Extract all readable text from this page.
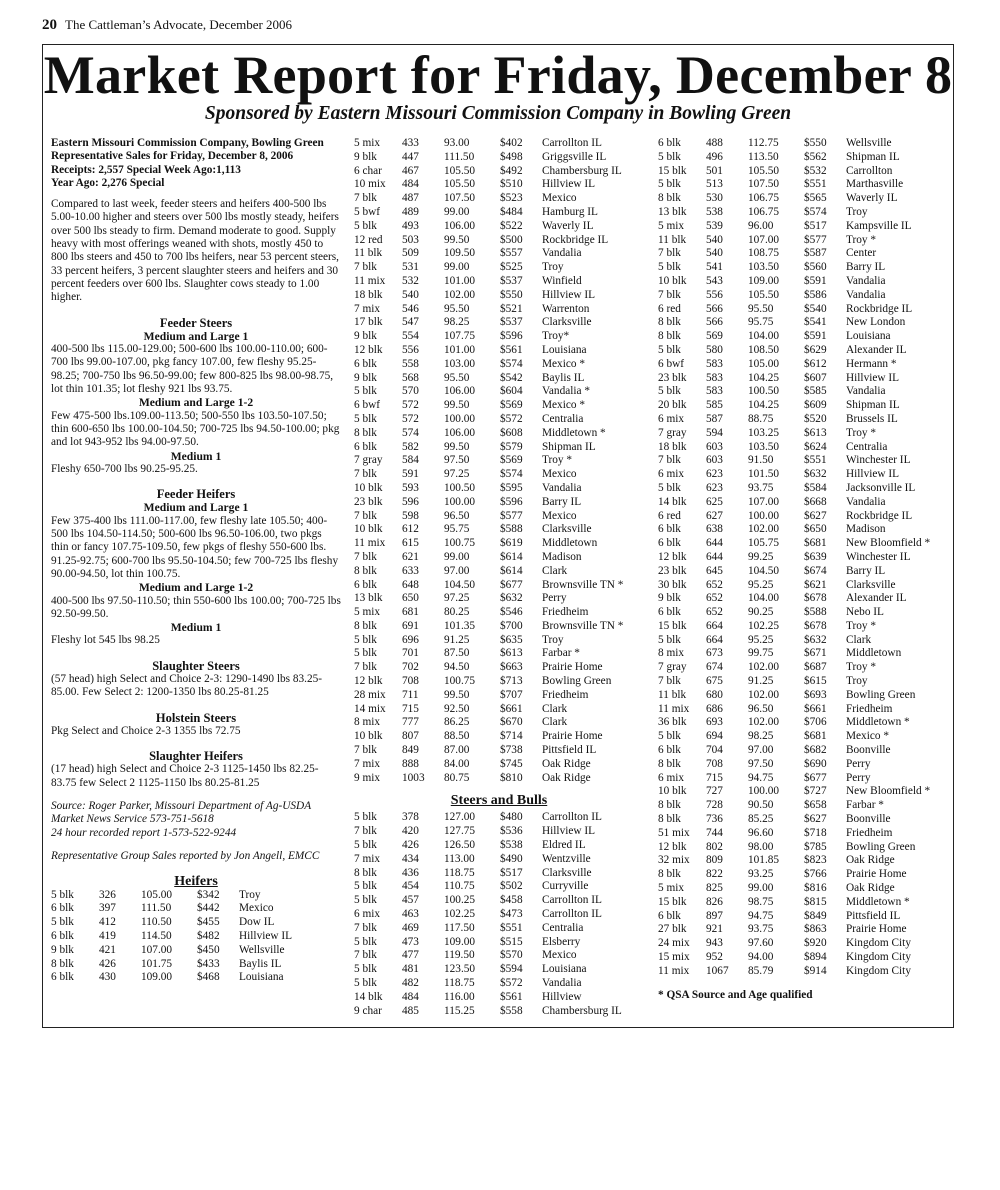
20 The Cattleman’s Advocate, December 2006
Market Report for Friday, December 8
Sponsored by Eastern Missouri Commission Company in Bowling Green
Eastern Missouri Commission Company, Bowling Green
Representative Sales for Friday, December 8, 2006
Receipts: 2,557 Special Week Ago:1,113
Year Ago: 2,276 Special
Compared to last week, feeder steers and heifers 400-500 lbs 5.00-10.00 higher and steers over 500 lbs mostly steady, heifers over 500 lbs steady to firm. Demand moderate to good. Supply heavy with most offerings weaned with shots, mostly 450 to 800 lbs steers and 450 to 700 lbs heifers, near 53 percent steers, 33 percent heifers, 3 percent slaughter steers and heifers and 30 percent feeders over 600 lbs. Slaughter cows steady to 1.00 higher.
Feeder Steers
Medium and Large 1
400-500 lbs 115.00-129.00; 500-600 lbs 100.00-110.00; 600-700 lbs 99.00-107.00, pkg fancy 107.00, few fleshy 95.25-98.25; 700-750 lbs 96.50-99.00; few 800-825 lbs 98.00-98.75, lot thin 101.35; lot fleshy 921 lbs 93.75.
Medium and Large 1-2
Few 475-500 lbs.109.00-113.50; 500-550 lbs 103.50-107.50; thin 600-650 lbs 100.00-104.50; 700-725 lbs 94.50-100.00; pkg and lot 943-952 lbs 94.00-97.50.
Medium 1
Fleshy 650-700 lbs 90.25-95.25.
Feeder Heifers
Medium and Large 1
Few 375-400 lbs 111.00-117.00, few fleshy late 105.50; 400-500 lbs 104.50-114.50; 500-600 lbs 96.50-106.00, two pkgs thin or fancy 107.75-109.50, few pkgs of fleshy 550-600 lbs. 91.25-92.75; 600-700 lbs 95.50-104.50; few 700-725 lbs fleshy 90.00-94.50, lot thin 100.75.
Medium and Large 1-2
400-500 lbs 97.50-110.50; thin 550-600 lbs 100.00; 700-725 lbs 92.50-99.50.
Medium 1
Fleshy lot 545 lbs 98.25
Slaughter Steers
(57 head) high Select and Choice 2-3: 1290-1490 lbs 83.25-85.00. Few Select 2: 1200-1350 lbs 80.25-81.25
Holstein Steers
Pkg Select and Choice 2-3 1355 lbs 72.75
Slaughter Heifers
(17 head) high Select and Choice 2-3 1125-1450 lbs 82.25-83.75 few Select 2 1125-1150 lbs 80.25-81.25
Source: Roger Parker, Missouri Department of Ag-USDA
Market News Service 573-751-5618
24 hour recorded report 1-573-522-9244
Representative Group Sales reported by Jon Angell, EMCC
Heifers
5 blk	326	105.00	$342	Troy
6 blk	397	111.50	$442	Mexico
5 blk	412	110.50	$455	Dow IL
6 blk	419	114.50	$482	Hillview IL
9 blk	421	107.00	$450	Wellsville
8 blk	426	101.75	$433	Baylis IL
6 blk	430	109.00	$468	Louisiana
5 mix	433	93.00	$402	Carrollton IL
9 blk	447	111.50	$498	Griggsville IL
6 char	467	105.50	$492	Chambersburg IL
10 mix	484	105.50	$510	Hillview IL
7 blk	487	107.50	$523	Mexico
5 bwf	489	99.00	$484	Hamburg IL
5 blk	493	106.00	$522	Waverly IL
12 red	503	99.50	$500	Rockbridge IL
11 blk	509	109.50	$557	Vandalia
7 blk	531	99.00	$525	Troy
11 mix	532	101.00	$537	Winfield
18 blk	540	102.00	$550	Hillview IL
7 mix	546	95.50	$521	Warrenton
17 blk	547	98.25	$537	Clarksville
9 blk	554	107.75	$596	Troy*
12 blk	556	101.00	$561	Louisiana
6 blk	558	103.00	$574	Mexico *
9 blk	568	95.50	$542	Baylis IL
5 blk	570	106.00	$604	Vandalia *
6 bwf	572	99.50	$569	Mexico *
5 blk	572	100.00	$572	Centralia
8 blk	574	106.00	$608	Middletown *
6 blk	582	99.50	$579	Shipman IL
7 gray	584	97.50	$569	Troy *
7 blk	591	97.25	$574	Mexico
10 blk	593	100.50	$595	Vandalia
23 blk	596	100.00	$596	Barry IL
7 blk	598	96.50	$577	Mexico
10 blk	612	95.75	$588	Clarksville
11 mix	615	100.75	$619	Middletown
7 blk	621	99.00	$614	Madison
8 blk	633	97.00	$614	Clark
6 blk	648	104.50	$677	Brownsville TN *
13 blk	650	97.25	$632	Perry
5 mix	681	80.25	$546	Friedheim
8 blk	691	101.35	$700	Brownsville TN *
5 blk	696	91.25	$635	Troy
5 blk	701	87.50	$613	Farbar *
7 blk	702	94.50	$663	Prairie Home
12 blk	708	100.75	$713	Bowling Green
28 mix	711	99.50	$707	Friedheim
14 mix	715	92.50	$661	Clark
8 mix	777	86.25	$670	Clark
10 blk	807	88.50	$714	Prairie Home
7 blk	849	87.00	$738	Pittsfield IL
7 mix	888	84.00	$745	Oak Ridge
9 mix	1003	80.75	$810	Oak Ridge
Steers and Bulls
5 blk	378	127.00	$480	Carrollton IL
7 blk	420	127.75	$536	Hillview IL
5 blk	426	126.50	$538	Eldred IL
7 mix	434	113.00	$490	Wentzville
8 blk	436	118.75	$517	Clarksville
5 blk	454	110.75	$502	Curryville
5 blk	457	100.25	$458	Carrollton IL
6 mix	463	102.25	$473	Carrollton IL
7 blk	469	117.50	$551	Centralia
5 blk	473	109.00	$515	Elsberry
7 blk	477	119.50	$570	Mexico
5 blk	481	123.50	$594	Louisiana
5 blk	482	118.75	$572	Vandalia
14 blk	484	116.00	$561	Hillview
9 char	485	115.25	$558	Chambersburg IL
6 blk	488	112.75	$550	Wellsville
5 blk	496	113.50	$562	Shipman IL
15 blk	501	105.50	$532	Carrollton
5 blk	513	107.50	$551	Marthasville
8 blk	530	106.75	$565	Waverly IL
13 blk	538	106.75	$574	Troy
5 mix	539	96.00	$517	Kampsville IL
11 blk	540	107.00	$577	Troy *
7 blk	540	108.75	$587	Center
5 blk	541	103.50	$560	Barry IL
10 blk	543	109.00	$591	Vandalia
7 blk	556	105.50	$586	Vandalia
6 red	566	95.50	$540	Rockbridge IL
8 blk	566	95.75	$541	New London
8 blk	569	104.00	$591	Louisiana
5 blk	580	108.50	$629	Alexander IL
6 bwf	583	105.00	$612	Hermann *
23 blk	583	104.25	$607	Hillview IL
5 blk	583	100.50	$585	Vandalia
20 blk	585	104.25	$609	Shipman IL
6 mix	587	88.75	$520	Brussels IL
7 gray	594	103.25	$613	Troy *
18 blk	603	103.50	$624	Centralia
7 blk	603	91.50	$551	Winchester IL
6 mix	623	101.50	$632	Hillview IL
5 blk	623	93.75	$584	Jacksonville IL
14 blk	625	107.00	$668	Vandalia
6 red	627	100.00	$627	Rockbridge IL
6 blk	638	102.00	$650	Madison
6 blk	644	105.75	$681	New Bloomfield *
12 blk	644	99.25	$639	Winchester IL
23 blk	645	104.50	$674	Barry IL
30 blk	652	95.25	$621	Clarksville
9 blk	652	104.00	$678	Alexander IL
6 blk	652	90.25	$588	Nebo IL
15 blk	664	102.25	$678	Troy *
5 blk	664	95.25	$632	Clark
8 mix	673	99.75	$671	Middletown
7 gray	674	102.00	$687	Troy *
7 blk	675	91.25	$615	Troy
11 blk	680	102.00	$693	Bowling Green
11 mix	686	96.50	$661	Friedheim
36 blk	693	102.00	$706	Middletown *
5 blk	694	98.25	$681	Mexico *
6 blk	704	97.00	$682	Boonville
8 blk	708	97.50	$690	Perry
6 mix	715	94.75	$677	Perry
10 blk	727	100.00	$727	New Bloomfield *
8 blk	728	90.50	$658	Farbar *
8 blk	736	85.25	$627	Boonville
51 mix	744	96.60	$718	Friedheim
12 blk	802	98.00	$785	Bowling Green
32 mix	809	101.85	$823	Oak Ridge
8 blk	822	93.25	$766	Prairie Home
5 mix	825	99.00	$816	Oak Ridge
15 blk	826	98.75	$815	Middletown *
6 blk	897	94.75	$849	Pittsfield IL
27 blk	921	93.75	$863	Prairie Home
24 mix	943	97.60	$920	Kingdom City
15 mix	952	94.00	$894	Kingdom City
11 mix	1067	85.79	$914	Kingdom City
* QSA Source and Age qualified
